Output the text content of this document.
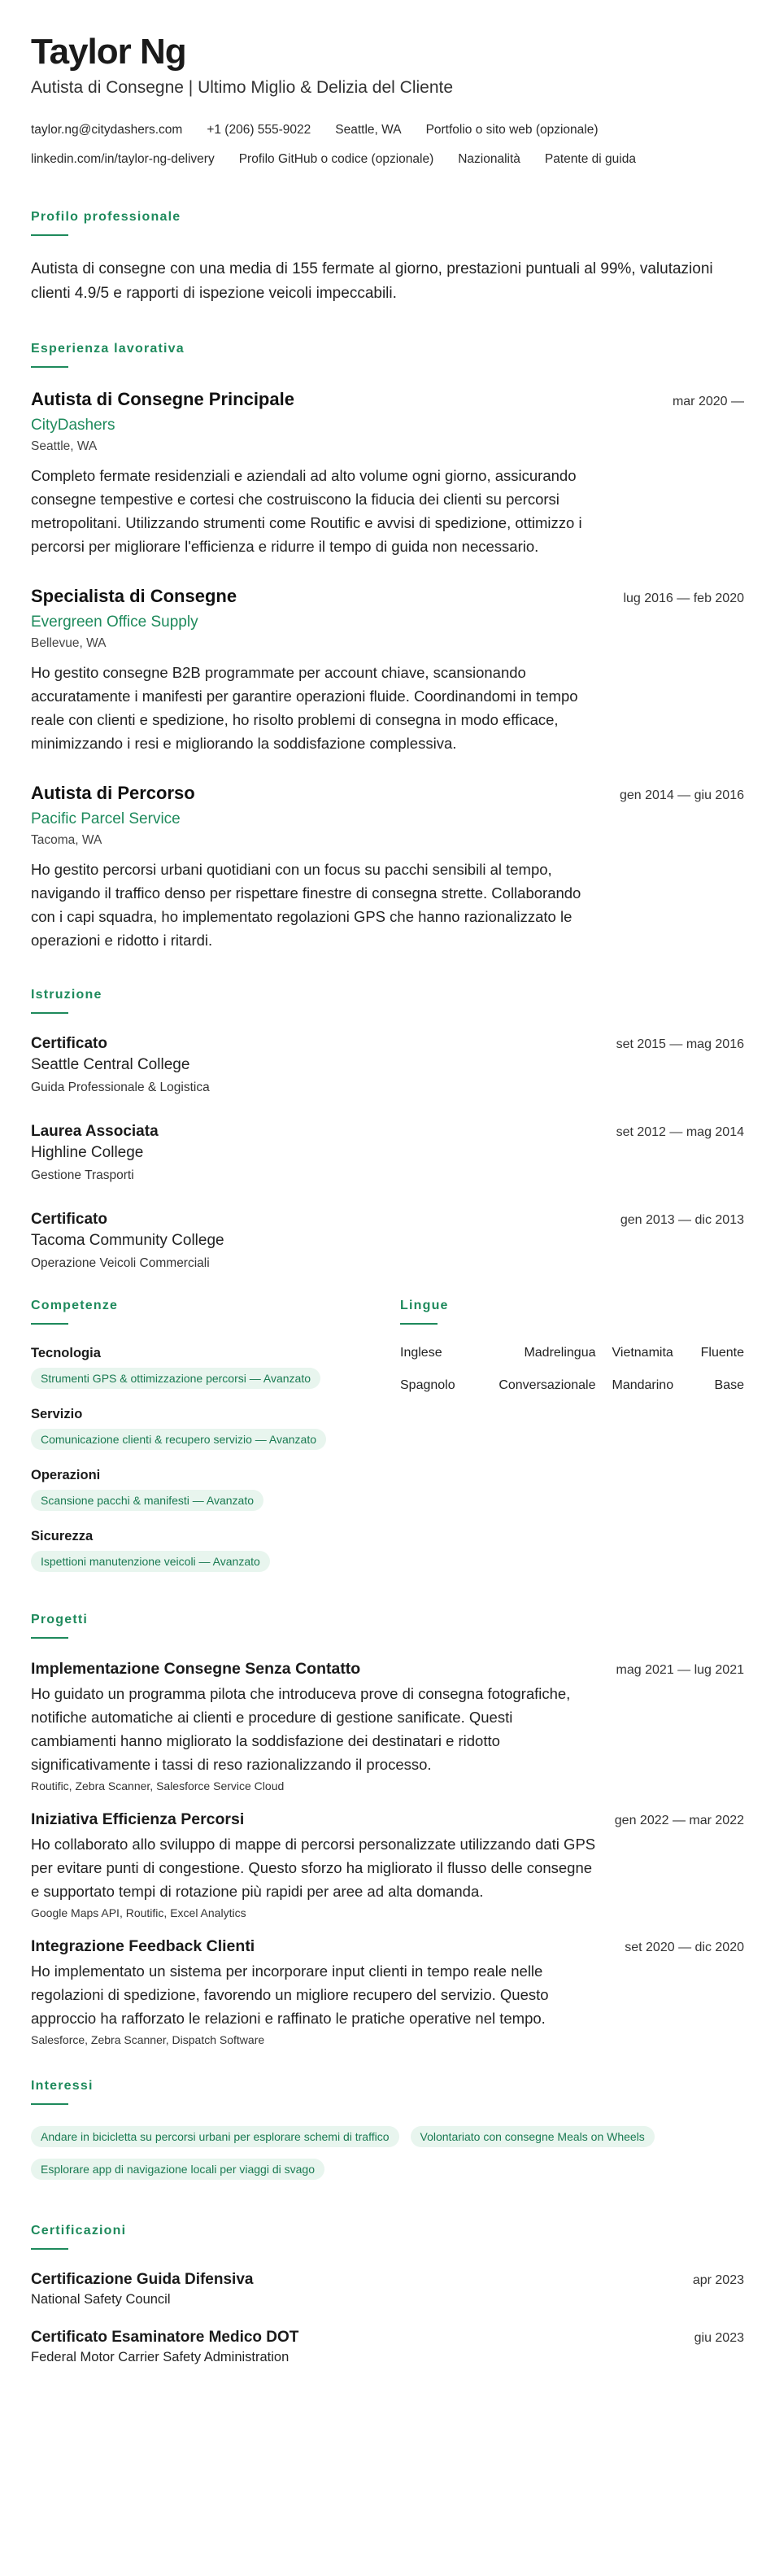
Taylor Ng
Autista di Consegne | Ultimo Miglio & Delizia del Cliente
taylor.ng@citydashers.com +1 (206) 555-9022 Seattle, WA Portfolio o sito web (opzionale)
linkedin.com/in/taylor-ng-delivery Profilo GitHub o codice (opzionale) Nazionalità Patente di guida
Profilo professionale

Autista di consegne con una media di 155 fermate al giorno, prestazioni puntuali al 99%, valutazioni clienti 4.9/5 e rapporti di ispezione veicoli impeccabili.

Esperienza lavorativa
Autista di Consegne Principale	mar 2020 —
CityDashers
Seattle, WA

Completo fermate residenziali e aziendali ad alto volume ogni giorno, assicurando consegne tempestive e cortesi che costruiscono la fiducia dei clienti su percorsi metropolitani. Utilizzando strumenti come Routific e avvisi di spedizione, ottimizzo i percorsi per migliorare l'efficienza e ridurre il tempo di guida non necessario.

Specialista di Consegne	lug 2016 — feb 2020
Evergreen Office Supply
Bellevue, WA

Ho gestito consegne B2B programmate per account chiave, scansionando accuratamente i manifesti per garantire operazioni fluide. Coordinandomi in tempo reale con clienti e spedizione, ho risolto problemi di consegna in modo efficace, minimizzando i resi e migliorando la soddisfazione complessiva.

Autista di Percorso	gen 2014 — giu 2016
Pacific Parcel Service
Tacoma, WA

Ho gestito percorsi urbani quotidiani con un focus su pacchi sensibili al tempo, navigando il traffico denso per rispettare finestre di consegna strette. Collaborando con i capi squadra, ho implementato regolazioni GPS che hanno razionalizzato le operazioni e ridotto i ritardi.

Istruzione
Certificato	set 2015 — mag 2016
Seattle Central College
Guida Professionale & Logistica
Laurea Associata	set 2012 — mag 2014
Highline College
Gestione Trasporti
Certificato	gen 2013 — dic 2013
Tacoma Community College
Operazione Veicoli Commerciali
Competenze
Tecnologia
Strumenti GPS & ottimizzazione percorsi — Avanzato
Servizio
Comunicazione clienti & recupero servizio — Avanzato
Operazioni
Scansione pacchi & manifesti — Avanzato
Sicurezza
Ispettioni manutenzione veicoli — Avanzato
Lingue
Inglese	Madrelingua	Vietnamita	Fluente
Spagnolo	Conversazionale	Mandarino	Base
Progetti
Implementazione Consegne Senza Contatto	mag 2021 — lug 2021

Ho guidato un programma pilota che introduceva prove di consegna fotografiche, notifiche automatiche ai clienti e procedure di gestione sanificate. Questi cambiamenti hanno migliorato la soddisfazione dei destinatari e ridotto significativamente i tassi di reso razionalizzando il processo.

Routific, Zebra Scanner, Salesforce Service Cloud
Iniziativa Efficienza Percorsi	gen 2022 — mar 2022

Ho collaborato allo sviluppo di mappe di percorsi personalizzate utilizzando dati GPS per evitare punti di congestione. Questo sforzo ha migliorato il flusso delle consegne e supportato tempi di rotazione più rapidi per aree ad alta domanda.

Google Maps API, Routific, Excel Analytics
Integrazione Feedback Clienti	set 2020 — dic 2020

Ho implementato un sistema per incorporare input clienti in tempo reale nelle regolazioni di spedizione, favorendo un migliore recupero del servizio. Questo approccio ha rafforzato le relazioni e raffinato le pratiche operative nel tempo.

Salesforce, Zebra Scanner, Dispatch Software
Interessi
Andare in bicicletta su percorsi urbani per esplorare schemi di traffico	Volontariato con consegne Meals on Wheels
Esplorare app di navigazione locali per viaggi di svago
Certificazioni
Certificazione Guida Difensiva	apr 2023
National Safety Council
Certificato Esaminatore Medico DOT	giu 2023
Federal Motor Carrier Safety Administration
